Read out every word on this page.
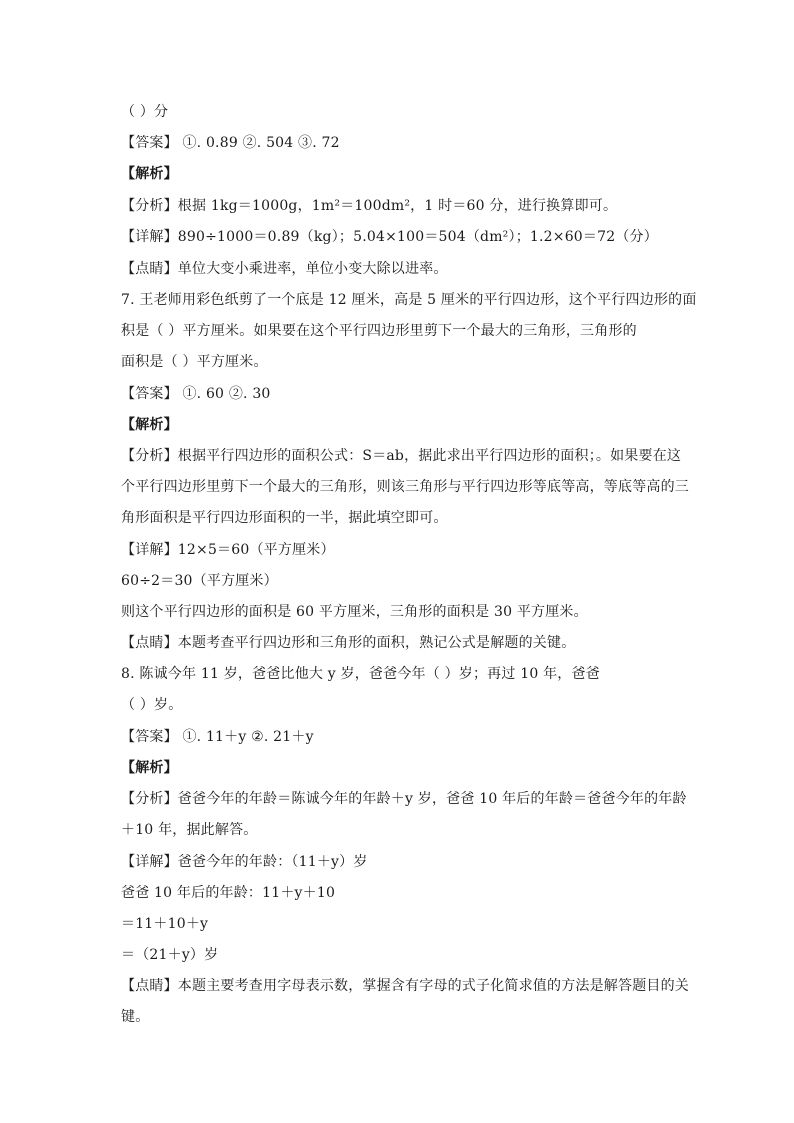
（ ）分
【答案】 ①. 0.89 ②. 504 ③. 72
【解析】
【分析】根据 1kg＝1000g，1m²＝100dm²，1 时＝60 分，进行换算即可。
【详解】890÷1000＝0.89（kg）；5.04×100＝504（dm²）；1.2×60＝72（分）
【点睛】单位大变小乘进率，单位小变大除以进率。
7. 王老师用彩色纸剪了一个底是 12 厘米，高是 5 厘米的平行四边形，这个平行四边形的面
积是（ ）平方厘米。如果要在这个平行四边形里剪下一个最大的三角形，三角形的
面积是（ ）平方厘米。
【答案】 ①. 60 ②. 30
【解析】
【分析】根据平行四边形的面积公式：S＝ab，据此求出平行四边形的面积；。如果要在这
个平行四边形里剪下一个最大的三角形，则该三角形与平行四边形等底等高，等底等高的三
角形面积是平行四边形面积的一半，据此填空即可。
【详解】12×5＝60（平方厘米）
60÷2＝30（平方厘米）
则这个平行四边形的面积是 60 平方厘米，三角形的面积是 30 平方厘米。
【点睛】本题考查平行四边形和三角形的面积，熟记公式是解题的关键。
8. 陈诚今年 11 岁，爸爸比他大 y 岁，爸爸今年（ ）岁；再过 10 年，爸爸
（ ）岁。
【答案】 ①. 11＋y ②. 21＋y
【解析】
【分析】爸爸今年的年龄＝陈诚今年的年龄＋y 岁，爸爸 10 年后的年龄＝爸爸今年的年龄
＋10 年，据此解答。
【详解】爸爸今年的年龄：（11＋y）岁
爸爸 10 年后的年龄：11＋y＋10
＝11＋10＋y
＝（21＋y）岁
【点睛】本题主要考查用字母表示数，掌握含有字母的式子化简求值的方法是解答题目的关
键。
